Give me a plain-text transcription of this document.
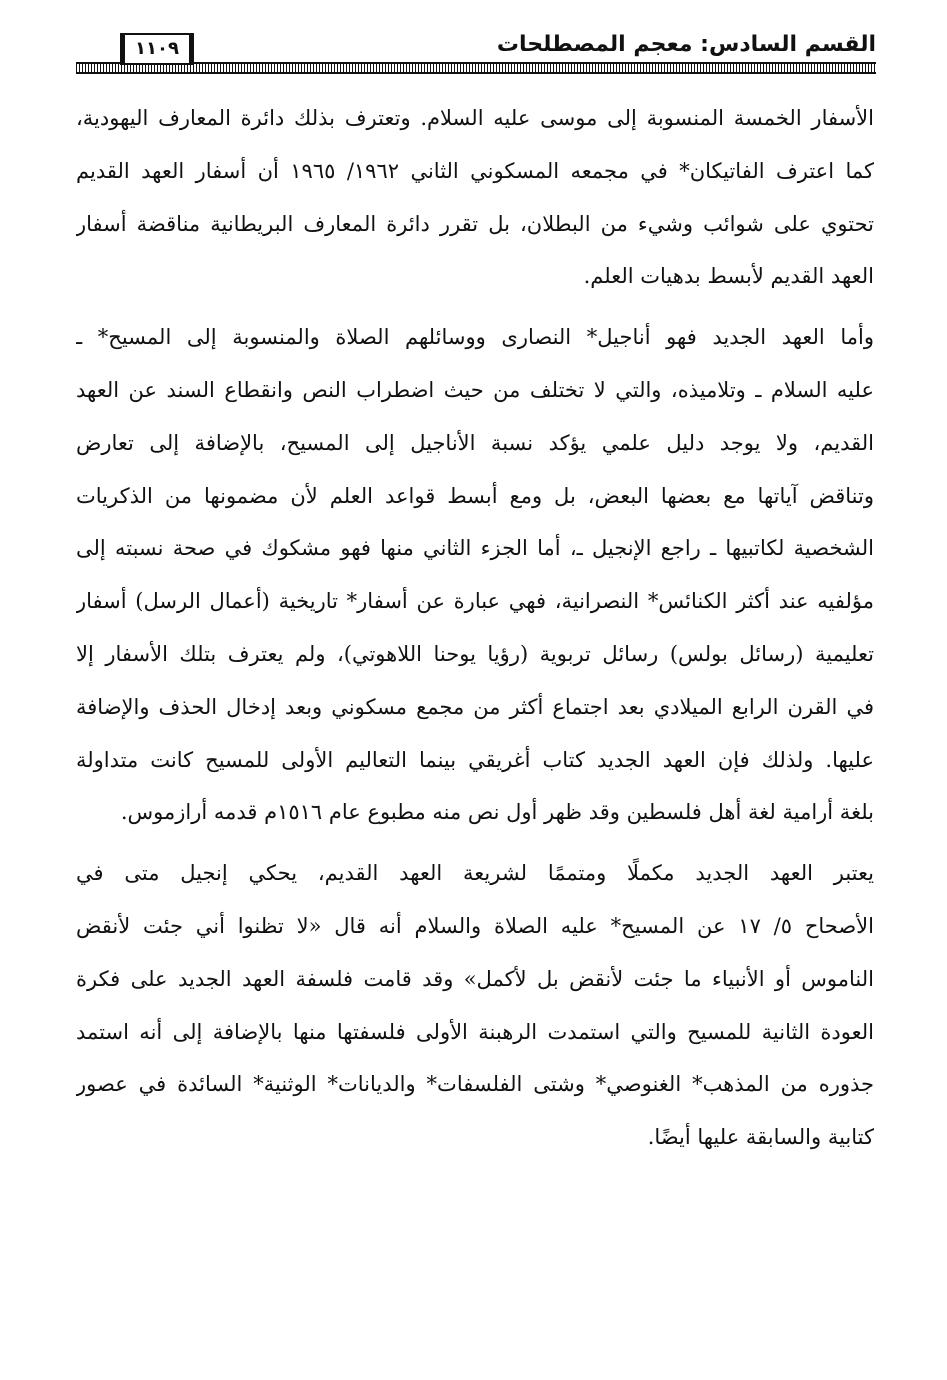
القسم السادس: معجم المصطلحات
١١٠٩
الأسفار الخمسة المنسوبة إلى موسى عليه السلام. وتعترف بذلك دائرة المعارف اليهودية،
كما اعترف الفاتيكان* في مجمعه المسكوني الثاني ١٩٦٢/ ١٩٦٥ أن أسفار العهد القديم
تحتوي على شوائب وشيء من البطلان، بل تقرر دائرة المعارف البريطانية مناقضة أسفار
العهد القديم لأبسط بدهيات العلم.
وأما العهد الجديد فهو أناجيل* النصارى ووسائلهم الصلاة والمنسوبة إلى المسيح* ـ
عليه السلام ـ وتلاميذه، والتي لا تختلف من حيث اضطراب النص وانقطاع السند عن العهد
القديم، ولا يوجد دليل علمي يؤكد نسبة الأناجيل إلى المسيح، بالإضافة إلى تعارض
وتناقض آياتها مع بعضها البعض، بل ومع أبسط قواعد العلم لأن مضمونها من الذكريات
الشخصية لكاتبيها ـ راجع الإنجيل ـ، أما الجزء الثاني منها فهو مشكوك في صحة نسبته إلى
مؤلفيه عند أكثر الكنائس* النصرانية، فهي عبارة عن أسفار* تاريخية (أعمال الرسل) أسفار
تعليمية (رسائل بولس) رسائل تربوية (رؤيا يوحنا اللاهوتي)، ولم يعترف بتلك الأسفار إلا
في القرن الرابع الميلادي بعد اجتماع أكثر من مجمع مسكوني وبعد إدخال الحذف والإضافة
عليها. ولذلك فإن العهد الجديد كتاب أغريقي بينما التعاليم الأولى للمسيح كانت متداولة
بلغة أرامية لغة أهل فلسطين وقد ظهر أول نص منه مطبوع عام ١٥١٦م قدمه أرازموس.
يعتبر العهد الجديد مكملًا ومتممًا لشريعة العهد القديم، يحكي إنجيل متى في
الأصحاح ٥/ ١٧ عن المسيح* عليه الصلاة والسلام أنه قال «لا تظنوا أني جئت لأنقض
الناموس أو الأنبياء ما جئت لأنقض بل لأكمل» وقد قامت فلسفة العهد الجديد على فكرة
العودة الثانية للمسيح والتي استمدت الرهبنة الأولى فلسفتها منها بالإضافة إلى أنه استمد
جذوره من المذهب* الغنوصي* وشتى الفلسفات* والديانات* الوثنية* السائدة في عصور
كتابية والسابقة عليها أيضًا.
